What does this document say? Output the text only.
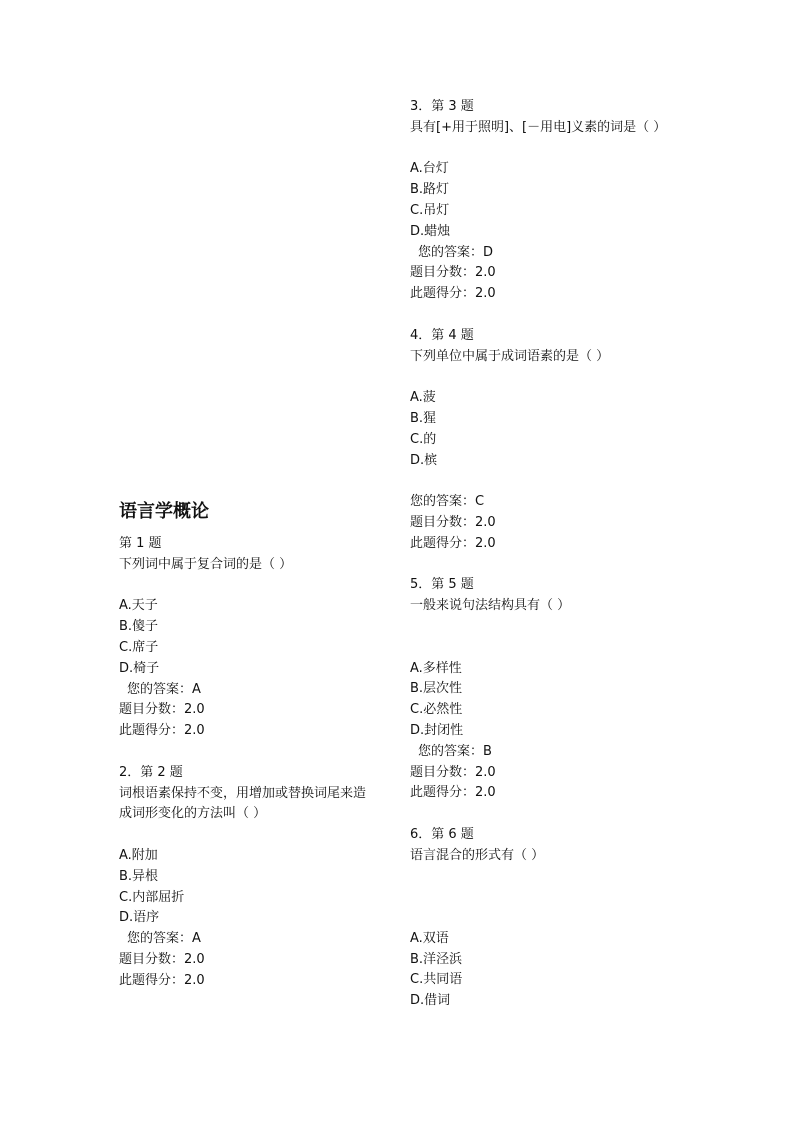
语言学概论
第 1 题
下列词中属于复合词的是（ ）
A.天子
B.傻子
C.席子
D.椅子
您的答案：A
题目分数：2.0
此题得分：2.0
2．第 2 题
词根语素保持不变，用增加或替换词尾来造
成词形变化的方法叫（ ）
A.附加
B.异根
C.内部屈折
D.语序
您的答案：A
题目分数：2.0
此题得分：2.0
3．第 3 题
具有[+用于照明]、[－用电]义素的词是（ ）
A.台灯
B.路灯
C.吊灯
D.蜡烛
您的答案：D
题目分数：2.0
此题得分：2.0
4．第 4 题
下列单位中属于成词语素的是（ ）
A.菠
B.猩
C.的
D.槟
您的答案：C
题目分数：2.0
此题得分：2.0
5．第 5 题
一般来说句法结构具有（ ）
A.多样性
B.层次性
C.必然性
D.封闭性
您的答案：B
题目分数：2.0
此题得分：2.0
6．第 6 题
语言混合的形式有（ ）
A.双语
B.洋泾浜
C.共同语
D.借词
